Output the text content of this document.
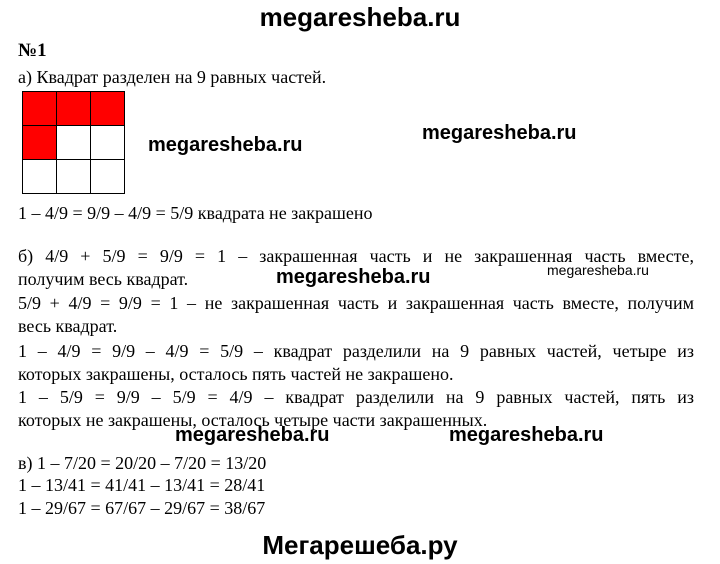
megaresheba.ru

№1

а) Квадрат разделен на 9 равных частей.

megaresheba.ru

megaresheba.ru

1 – 4/9 = 9/9 – 4/9 = 5/9 квадрата не закрашено

б) 4/9 + 5/9 = 9/9 = 1 – закрашенная часть и не закрашенная часть вместе,

получим весь квадрат.	megaresheba.ru	megaresheba.ru

5/9 + 4/9 = 9/9 = 1 – не закрашенная часть и закрашенная часть вместе, получим

весь квадрат.

1 – 4/9 = 9/9 – 4/9 = 5/9 – квадрат разделили на 9 равных частей, четыре из

которых закрашены, осталось пять частей не закрашено.

1 – 5/9 = 9/9 – 5/9 = 4/9 – квадрат разделили на 9 равных частей, пять из

которых не закрашены, осталось четыре части закрашенных.

megaresheba.ru	megaresheba.ru

в) 1 – 7/20 = 20/20 – 7/20 = 13/20

1 – 13/41 = 41/41 – 13/41 = 28/41

1 – 29/67 = 67/67 – 29/67 = 38/67

Мегарешеба.ру
